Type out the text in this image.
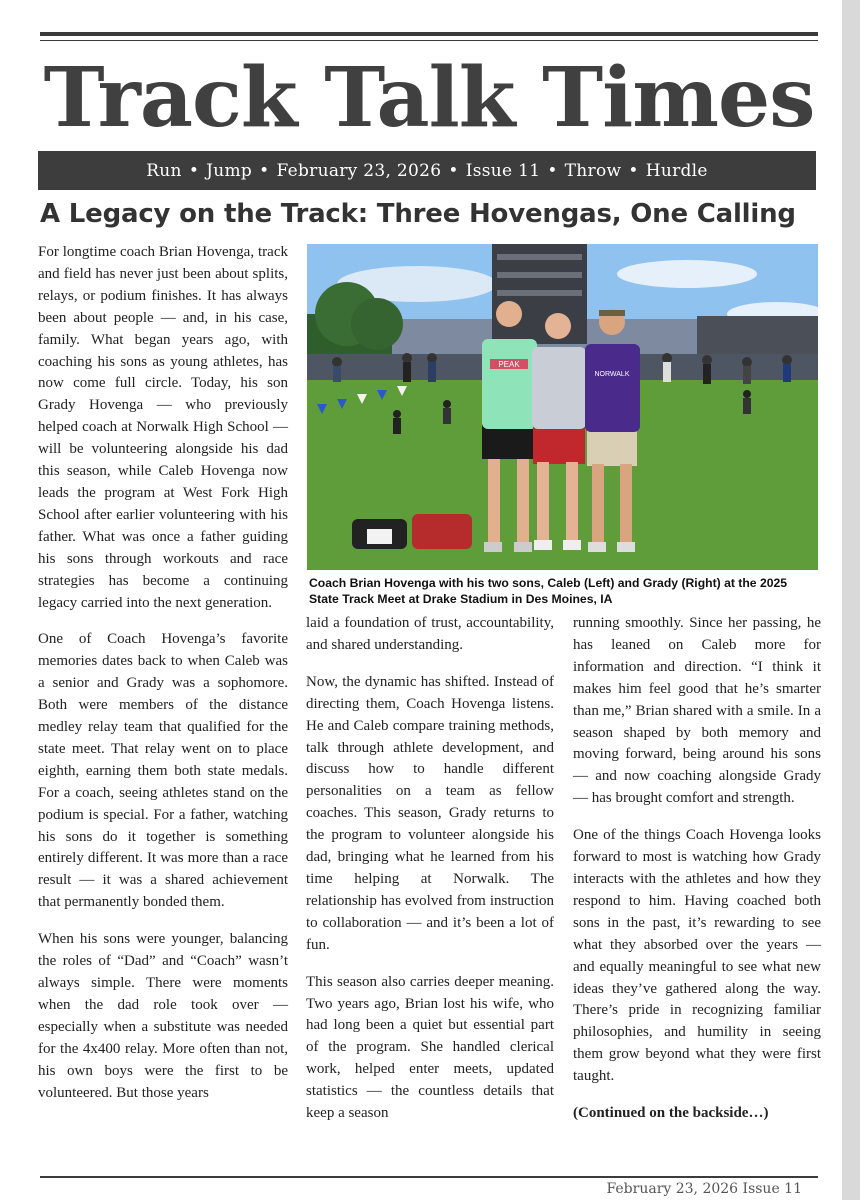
Track Talk Times
Run • Jump • February 23, 2026 • Issue 11 • Throw • Hurdle
A Legacy on the Track: Three Hovengas, One Calling

For longtime coach Brian Hovenga, track and field has never just been about splits, relays, or podium finishes. It has always been about people — and, in his case, family. What began years ago, with coaching his sons as young athletes, has now come full circle. Today, his son Grady Hovenga — who previously helped coach at Norwalk High School — will be volunteering alongside his dad this season, while Caleb Hovenga now leads the program at West Fork High School after earlier volunteering with his father. What was once a father guiding his sons through workouts and race strategies has become a continuing legacy carried into the next generation.

One of Coach Hovenga’s favorite memories dates back to when Caleb was a senior and Grady was a sophomore. Both were members of the distance medley relay team that qualified for the state meet. That relay went on to place eighth, earning them both state medals. For a coach, seeing athletes stand on the podium is special. For a father, watching his sons do it together is something entirely different. It was more than a race result — it was a shared achievement that permanently bonded them.

When his sons were younger, balancing the roles of “Dad” and “Coach” wasn’t always simple. There were moments when the dad role took over — especially when a substitute was needed for the 4x400 relay. More often than not, his own boys were the first to be volunteered. But those years

PEAK
NORWALK
Coach Brian Hovenga with his two sons, Caleb (Left) and Grady (Right) at the 2025 State Track Meet at Drake Stadium in Des Moines, IA

laid a foundation of trust, accountability, and shared understanding.

Now, the dynamic has shifted. Instead of directing them, Coach Hovenga listens. He and Caleb compare training methods, talk through athlete development, and discuss how to handle different personalities on a team as fellow coaches. This season, Grady returns to the program to volunteer alongside his dad, bringing what he learned from his time helping at Norwalk. The relationship has evolved from instruction to collaboration — and it’s been a lot of fun.

This season also carries deeper meaning. Two years ago, Brian lost his wife, who had long been a quiet but essential part of the program. She handled clerical work, helped enter meets, updated statistics — the countless details that keep a season

running smoothly. Since her passing, he has leaned on Caleb more for information and direction. “I think it makes him feel good that he’s smarter than me,” Brian shared with a smile. In a season shaped by both memory and moving forward, being around his sons — and now coaching alongside Grady — has brought comfort and strength.

One of the things Coach Hovenga looks forward to most is watching how Grady interacts with the athletes and how they respond to him. Having coached both sons in the past, it’s rewarding to see what they absorbed over the years — and equally meaningful to see what new ideas they’ve gathered along the way. There’s pride in recognizing familiar philosophies, and humility in seeing them grow beyond what they were first taught.

(Continued on the backside…)

February 23, 2026 Issue 11
